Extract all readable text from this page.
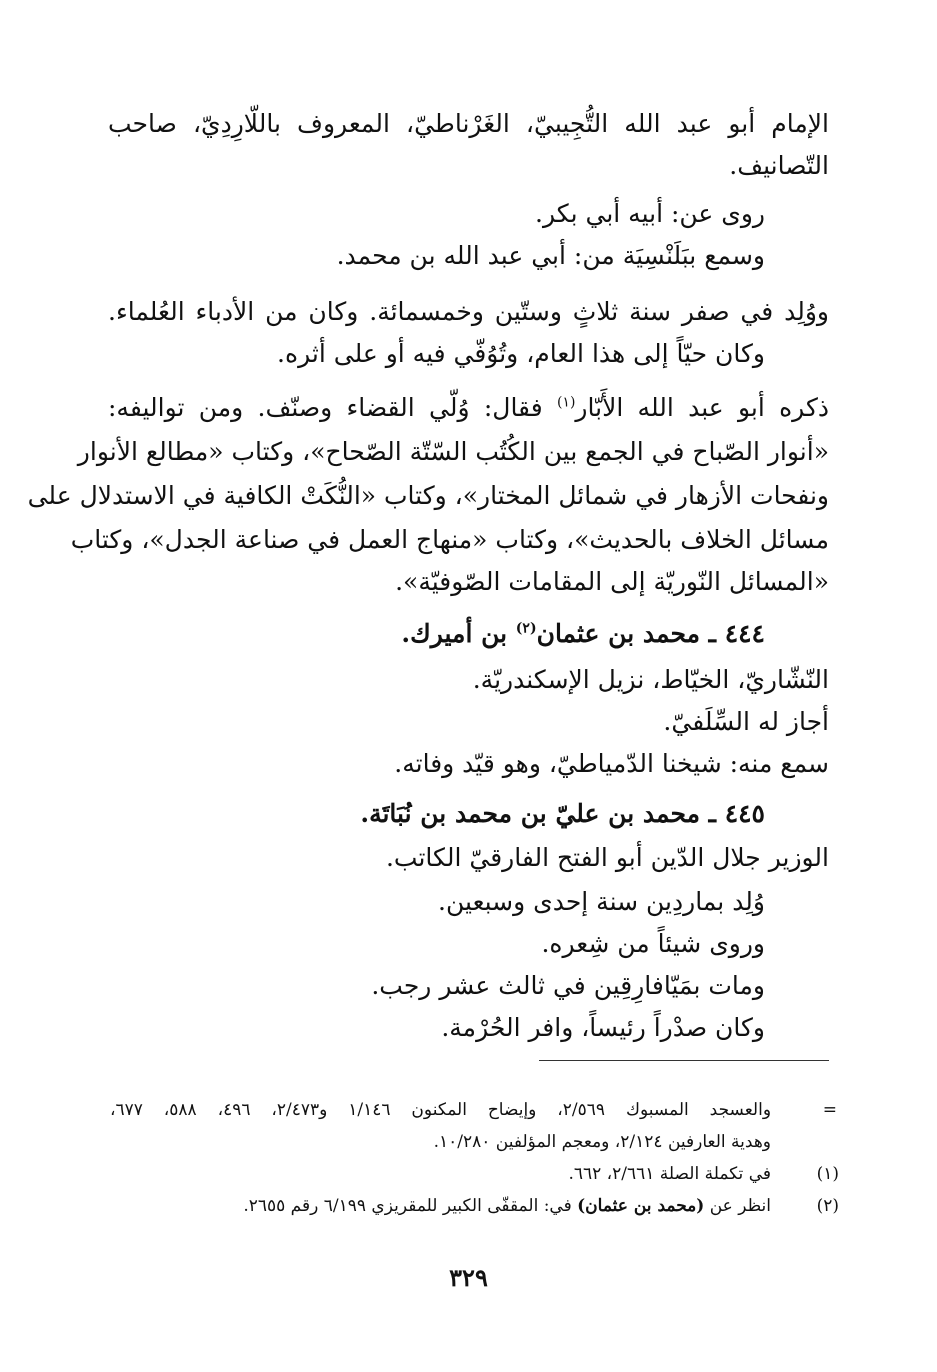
الإمام أبو عبد الله التُّجِيبيّ، الغَرْناطيّ، المعروف باللّارِدِيّ، صاحب
التّصانيف.
روى عن: أبيه أبي بكر.
وسمع ببَلَنْسِيَة من: أبي عبد الله بن محمد.
ووُلِد في صفر سنة ثلاثٍ وستّين وخمسمائة. وكان من الأدباء العُلماء.
وكان حيّاً إلى هذا العام، وتُوُفّي فيه أو على أثره.
ذكره أبو عبد الله الأَبّار$^{(١)}$ فقال: وُلّي القضاء وصنّف. ومن تواليفه:
«أنوار الصّباح في الجمع بين الكُتُب السّتّة الصّحاح»، وكتاب «مطالع الأنوار
ونفحات الأزهار في شمائل المختار»، وكتاب «النُّكَتْ الكافية في الاستدلال على
مسائل الخلاف بالحديث»، وكتاب «منهاج العمل في صناعة الجدل»، وكتاب
«المسائل النّوريّة إلى المقامات الصّوفيّة».
٤٤٤ ـ محمد بن عثمان$^{(٢)}$ بن أميرك.
النّشّاريّ، الخيّاط، نزيل الإسكندريّة.
أجاز له السِّلَفيّ.
سمع منه: شيخنا الدّمياطيّ، وهو قيّد وفاته.
٤٤٥ ـ محمد بن عليّ بن محمد بن نُبَاتَة.
الوزير جلال الدّين أبو الفتح الفارقيّ الكاتب.
وُلِد بماردِين سنة إحدى وسبعين.
وروى شيئاً من شِعره.
ومات بمَيّافارِقِين في ثالث عشر رجب.
وكان صدْراً رئيساً، وافر الحُرْمة.
=
والعسجد المسبوك ٢/٥٦٩، وإيضاح المكنون ١/١٤٦ و٢/٤٧٣، ٤٩٦، ٥٨٨، ٦٧٧،
وهدية العارفين ٢/١٢٤، ومعجم المؤلفين ١٠/٢٨٠.
(١)
في تكملة الصلة ٢/٦٦١، ٦٦٢.
(٢)
انظر عن (محمد بن عثمان) في: المقفّى الكبير للمقريزي ٦/١٩٩ رقم ٢٦٥٥.
٣٢٩
